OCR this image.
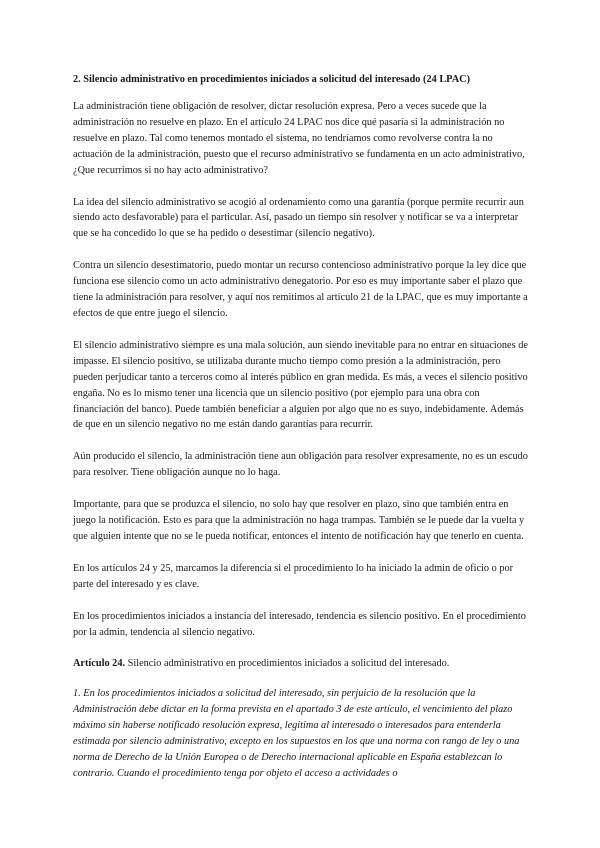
2. Silencio administrativo en procedimientos iniciados a solicitud del interesado (24 LPAC)

La administración tiene obligación de resolver, dictar resolución expresa. Pero a veces sucede que la administración no resuelve en plazo. En el artículo 24 LPAC nos dice qué pasaría si la administración no resuelve en plazo. Tal como tenemos montado el sistema, no tendríamos como revolverse contra la no actuación de la administración, puesto que el recurso administrativo se fundamenta en un acto administrativo, ¿Que recurrimos si no hay acto administrativo?

La idea del silencio administrativo se acogió al ordenamiento como una garantía (porque permite recurrir aun siendo acto desfavorable) para el particular. Así, pasado un tiempo sin resolver y notificar se va a interpretar que se ha concedido lo que se ha pedido o desestimar (silencio negativo).

Contra un silencio desestimatorio, puedo montar un recurso contencioso administrativo porque la ley dice que funciona ese silencio como un acto administrativo denegatorio. Por eso es muy importante saber el plazo que tiene la administración para resolver, y aquí nos remitimos al artículo 21 de la LPAC, que es muy importante a efectos de que entre juego el silencio.

El silencio administrativo siempre es una mala solución, aun siendo inevitable para no entrar en situaciones de impasse. El silencio positivo, se utilizaba durante mucho tiempo como presión a la administración, pero pueden perjudicar tanto a terceros como al interés público en gran medida. Es más, a veces el silencio positivo engaña. No es lo mismo tener una licencia que un silencio positivo (por ejemplo para una obra con financiación del banco). Puede también beneficiar a alguien por algo que no es suyo, indebidamente. Además de que en un silencio negativo no me están dando garantías para recurrir.

Aún producido el silencio, la administración tiene aun obligación para resolver expresamente, no es un escudo para resolver. Tiene obligación aunque no lo haga.

Importante, para que se produzca el silencio, no solo hay que resolver en plazo, sino que también entra en juego la notificación. Esto es para que la administración no haga trampas. También se le puede dar la vuelta y que alguien intente que no se le pueda notificar, entonces el intento de notificación hay que tenerlo en cuenta.

En los artículos 24 y 25, marcamos la diferencia si el procedimiento lo ha iniciado la admin de oficio o por parte del interesado y es clave.

En los procedimientos iniciados a instancia del interesado, tendencia es silencio positivo. En el procedimiento por la admin, tendencia al silencio negativo.

Artículo 24. Silencio administrativo en procedimientos iniciados a solicitud del interesado.

1. En los procedimientos iniciados a solicitud del interesado, sin perjuicio de la resolución que la Administración debe dictar en la forma prevista en el apartado 3 de este artículo, el vencimiento del plazo máximo sin haberse notificado resolución expresa, legitima al interesado o interesados para entenderla estimada por silencio administrativo, excepto en los supuestos en los que una norma con rango de ley o una norma de Derecho de la Unión Europea o de Derecho internacional aplicable en España establezcan lo contrario. Cuando el procedimiento tenga por objeto el acceso a actividades o
